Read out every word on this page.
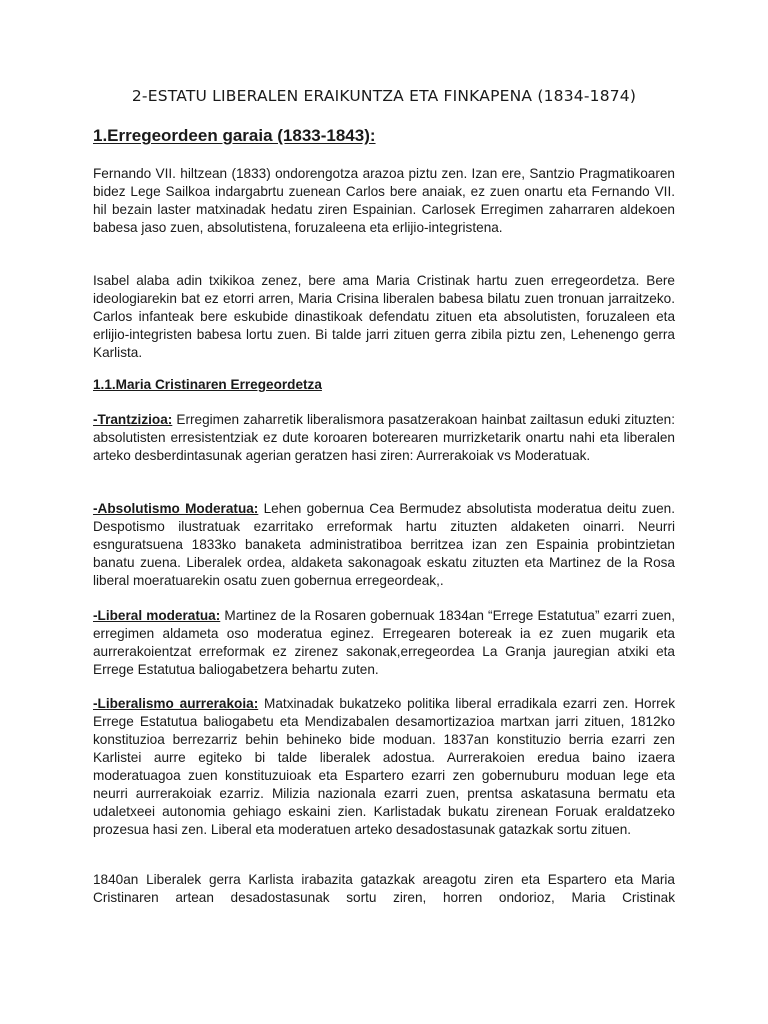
2-ESTATU LIBERALEN ERAIKUNTZA ETA FINKAPENA (1834-1874)
1.Erregeordeen garaia (1833-1843):

Fernando VII. hiltzean (1833) ondorengotza arazoa piztu zen. Izan ere, Santzio Pragmatikoaren bidez Lege Sailkoa indargabrtu zuenean Carlos bere anaiak, ez zuen onartu eta Fernando VII. hil bezain laster matxinadak hedatu ziren Espainian. Carlosek Erregimen zaharraren aldekoen babesa jaso zuen, absolutistena, foruzaleena eta erlijio-integristena.

Isabel alaba adin txikikoa zenez, bere ama Maria Cristinak hartu zuen erregeordetza. Bere ideologiarekin bat ez etorri arren, Maria Crisina liberalen babesa bilatu zuen tronuan jarraitzeko. Carlos infanteak bere eskubide dinastikoak defendatu zituen eta absolutisten, foruzaleen eta erlijio-integristen babesa lortu zuen. Bi talde jarri zituen gerra zibila piztu zen, Lehenengo gerra Karlista.

1.1.Maria Cristinaren Erregeordetza

-Trantzizioa: Erregimen zaharretik liberalismora pasatzerakoan hainbat zailtasun eduki zituzten: absolutisten erresistentziak ez dute koroaren boterearen murrizketarik onartu nahi eta liberalen arteko desberdintasunak agerian geratzen hasi ziren: Aurrerakoiak vs Moderatuak.

-Absolutismo Moderatua: Lehen gobernua Cea Bermudez absolutista moderatua deitu zuen. Despotismo ilustratuak ezarritako erreformak hartu zituzten aldaketen oinarri. Neurri esnguratsuena 1833ko banaketa administratiboa berritzea izan zen Espainia probintzietan banatu zuena. Liberalek ordea, aldaketa sakonagoak eskatu zituzten eta Martinez de la Rosa liberal moeratuarekin osatu zuen gobernua erregeordeak,.

-Liberal moderatua: Martinez de la Rosaren gobernuak 1834an “Errege Estatutua” ezarri zuen, erregimen aldameta oso moderatua eginez. Erregearen botereak ia ez zuen mugarik eta aurrerakoientzat erreformak ez zirenez sakonak,erregeordea La Granja jauregian atxiki eta Errege Estatutua baliogabetzera behartu zuten.

-Liberalismo aurrerakoia: Matxinadak bukatzeko politika liberal erradikala ezarri zen. Horrek Errege Estatutua baliogabetu eta Mendizabalen desamortizazioa martxan jarri zituen, 1812ko konstituzioa berrezarriz behin behineko bide moduan. 1837an konstituzio berria ezarri zen Karlistei aurre egiteko bi talde liberalek adostua. Aurrerakoien eredua baino izaera moderatuagoa zuen konstituzuioak eta Espartero ezarri zen gobernuburu moduan lege eta neurri aurrerakoiak ezarriz. Milizia nazionala ezarri zuen, prentsa askatasuna bermatu eta udaletxeei autonomia gehiago eskaini zien. Karlistadak bukatu zirenean Foruak eraldatzeko prozesua hasi zen. Liberal eta moderatuen arteko desadostasunak gatazkak sortu zituen.

1840an Liberalek gerra Karlista irabazita gatazkak areagotu ziren eta Espartero eta Maria Cristinaren artean desadostasunak sortu ziren, horren ondorioz, Maria Cristinak
